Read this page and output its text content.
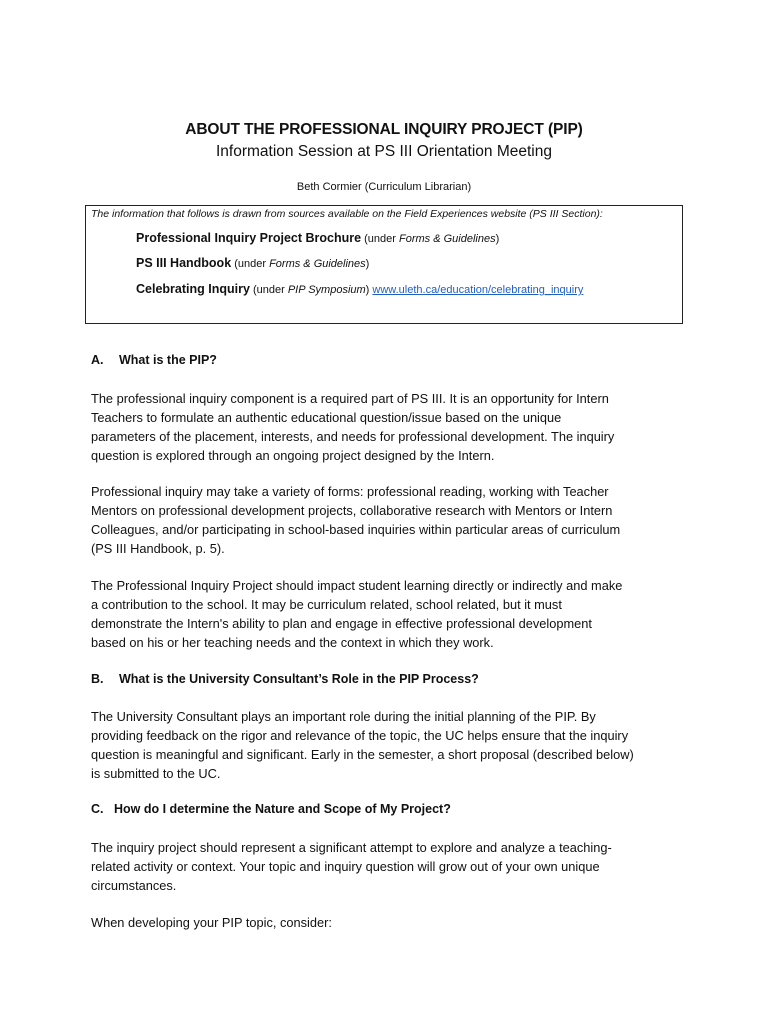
ABOUT THE PROFESSIONAL INQUIRY PROJECT (PIP)
Information Session at PS III Orientation Meeting
Beth Cormier (Curriculum Librarian)
The information that follows is drawn from sources available on the Field Experiences website (PS III Section):
Professional Inquiry Project Brochure (under Forms & Guidelines)
PS III Handbook (under Forms & Guidelines)
Celebrating Inquiry (under PIP Symposium) www.uleth.ca/education/celebrating_inquiry
A. What is the PIP?
The professional inquiry component is a required part of PS III. It is an opportunity for Intern
Teachers to formulate an authentic educational question/issue based on the unique
parameters of the placement, interests, and needs for professional development. The inquiry
question is explored through an ongoing project designed by the Intern.
Professional inquiry may take a variety of forms: professional reading, working with Teacher
Mentors on professional development projects, collaborative research with Mentors or Intern
Colleagues, and/or participating in school-based inquiries within particular areas of curriculum
(PS III Handbook, p. 5).
The Professional Inquiry Project should impact student learning directly or indirectly and make
a contribution to the school. It may be curriculum related, school related, but it must
demonstrate the Intern's ability to plan and engage in effective professional development
based on his or her teaching needs and the context in which they work.
B. What is the University Consultant’s Role in the PIP Process?
The University Consultant plays an important role during the initial planning of the PIP. By
providing feedback on the rigor and relevance of the topic, the UC helps ensure that the inquiry
question is meaningful and significant. Early in the semester, a short proposal (described below)
is submitted to the UC.
C. How do I determine the Nature and Scope of My Project?
The inquiry project should represent a significant attempt to explore and analyze a teaching-
related activity or context. Your topic and inquiry question will grow out of your own unique
circumstances.
When developing your PIP topic, consider:
